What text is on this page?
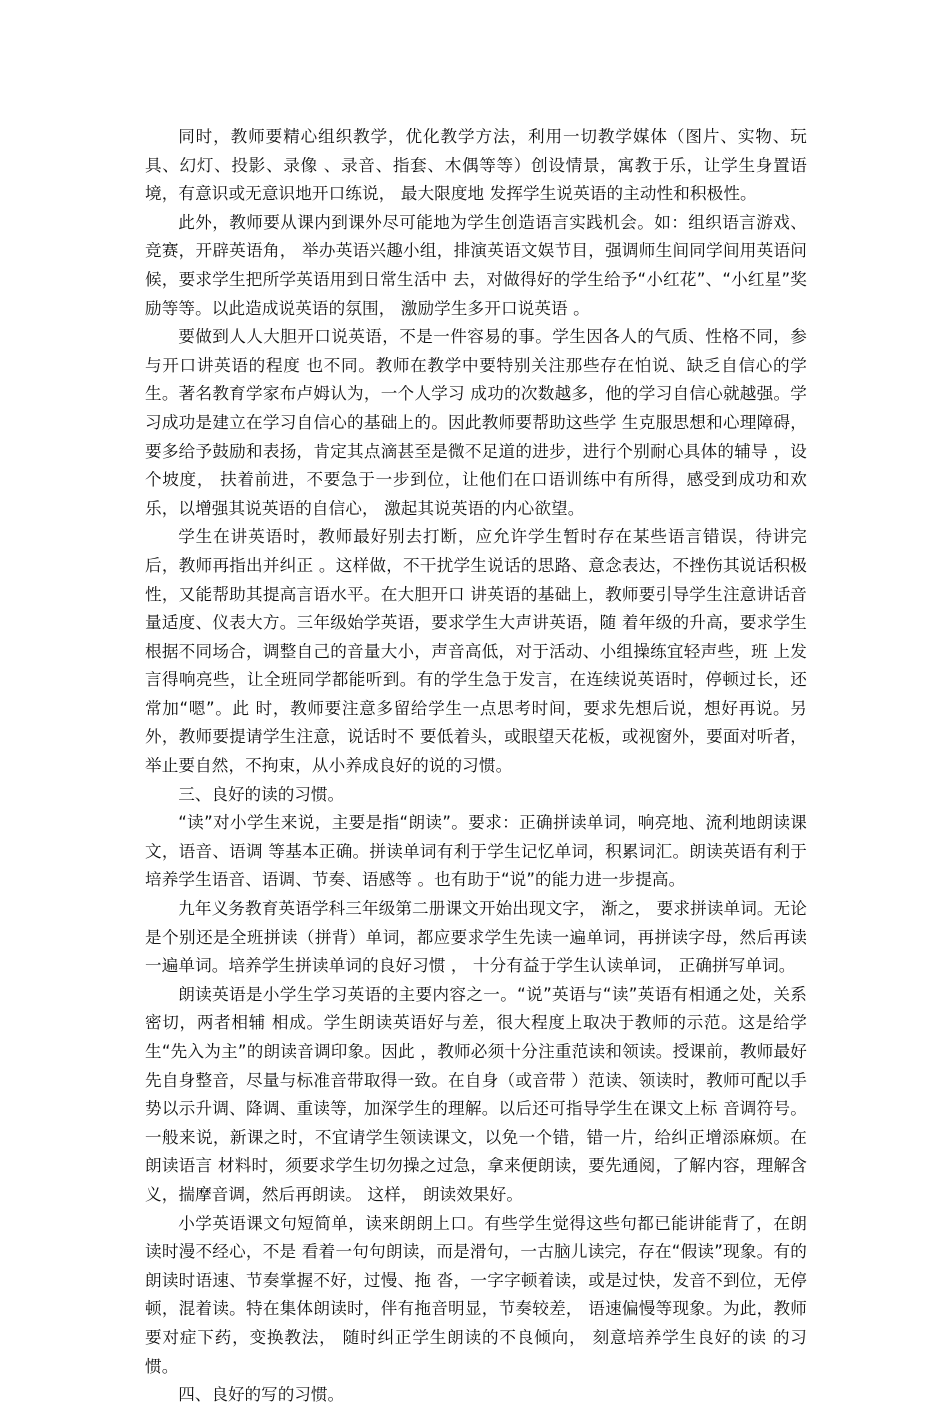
同时，教师要精心组织教学，优化教学方法，利用一切教学媒体（图片、实物、玩具、幻灯、投影、录像 、录音、指套、木偶等等）创设情景，寓教于乐，让学生身置语境，有意识或无意识地开口练说， 最大限度地 发挥学生说英语的主动性和积极性。

此外，教师要从课内到课外尽可能地为学生创造语言实践机会。如：组织语言游戏、竞赛，开辟英语角， 举办英语兴趣小组，排演英语文娱节目，强调师生间同学间用英语问候，要求学生把所学英语用到日常生活中 去，对做得好的学生给予“小红花”、“小红星”奖励等等。以此造成说英语的氛围， 激励学生多开口说英语 。

要做到人人大胆开口说英语，不是一件容易的事。学生因各人的气质、性格不同，参与开口讲英语的程度 也不同。教师在教学中要特别关注那些存在怕说、缺乏自信心的学生。著名教育学家布卢姆认为，一个人学习 成功的次数越多，他的学习自信心就越强。学习成功是建立在学习自信心的基础上的。因此教师要帮助这些学 生克服思想和心理障碍，要多给予鼓励和表扬，肯定其点滴甚至是微不足道的进步，进行个别耐心具体的辅导 ，设个坡度， 扶着前进，不要急于一步到位，让他们在口语训练中有所得，感受到成功和欢乐，以增强其说英语的自信心， 激起其说英语的内心欲望。

学生在讲英语时，教师最好别去打断，应允许学生暂时存在某些语言错误，待讲完后，教师再指出并纠正 。这样做，不干扰学生说话的思路、意念表达，不挫伤其说话积极性，又能帮助其提高言语水平。在大胆开口 讲英语的基础上，教师要引导学生注意讲话音量适度、仪表大方。三年级始学英语，要求学生大声讲英语，随 着年级的升高，要求学生根据不同场合，调整自己的音量大小，声音高低，对于活动、小组操练宜轻声些，班 上发言得响亮些，让全班同学都能听到。有的学生急于发言，在连续说英语时，停顿过长，还常加“嗯”。此 时，教师要注意多留给学生一点思考时间，要求先想后说，想好再说。另外，教师要提请学生注意，说话时不 要低着头，或眼望天花板，或视窗外，要面对听者，举止要自然，不拘束，从小养成良好的说的习惯。

三、良好的读的习惯。

“读”对小学生来说，主要是指“朗读”。要求：正确拼读单词，响亮地、流利地朗读课文，语音、语调 等基本正确。拼读单词有利于学生记忆单词，积累词汇。朗读英语有利于培养学生语音、语调、节奏、语感等 。也有助于“说”的能力进一步提高。

九年义务教育英语学科三年级第二册课文开始出现文字， 渐之， 要求拼读单词。无论是个别还是全班拼读（拼背）单词，都应要求学生先读一遍单词，再拼读字母，然后再读一遍单词。培养学生拼读单词的良好习惯 ， 十分有益于学生认读单词， 正确拼写单词。

朗读英语是小学生学习英语的主要内容之一。“说”英语与“读”英语有相通之处，关系密切，两者相辅 相成。学生朗读英语好与差，很大程度上取决于教师的示范。这是给学生“先入为主”的朗读音调印象。因此 ，教师必须十分注重范读和领读。授课前，教师最好先自身整音，尽量与标准音带取得一致。在自身（或音带 ）范读、领读时，教师可配以手势以示升调、降调、重读等，加深学生的理解。以后还可指导学生在课文上标 音调符号。一般来说，新课之时，不宜请学生领读课文，以免一个错，错一片，给纠正增添麻烦。在朗读语言 材料时，须要求学生切勿操之过急，拿来便朗读，要先通阅，了解内容，理解含义，揣摩音调，然后再朗读。 这样， 朗读效果好。

小学英语课文句短简单，读来朗朗上口。有些学生觉得这些句都已能讲能背了，在朗读时漫不经心，不是 看着一句句朗读，而是滑句，一古脑儿读完，存在“假读”现象。有的朗读时语速、节奏掌握不好，过慢、拖 沓，一字字顿着读，或是过快，发音不到位，无停顿，混着读。特在集体朗读时，伴有拖音明显，节奏较差， 语速偏慢等现象。为此，教师要对症下药，变换教法， 随时纠正学生朗读的不良倾向， 刻意培养学生良好的读 的习惯。

四、良好的写的习惯。
